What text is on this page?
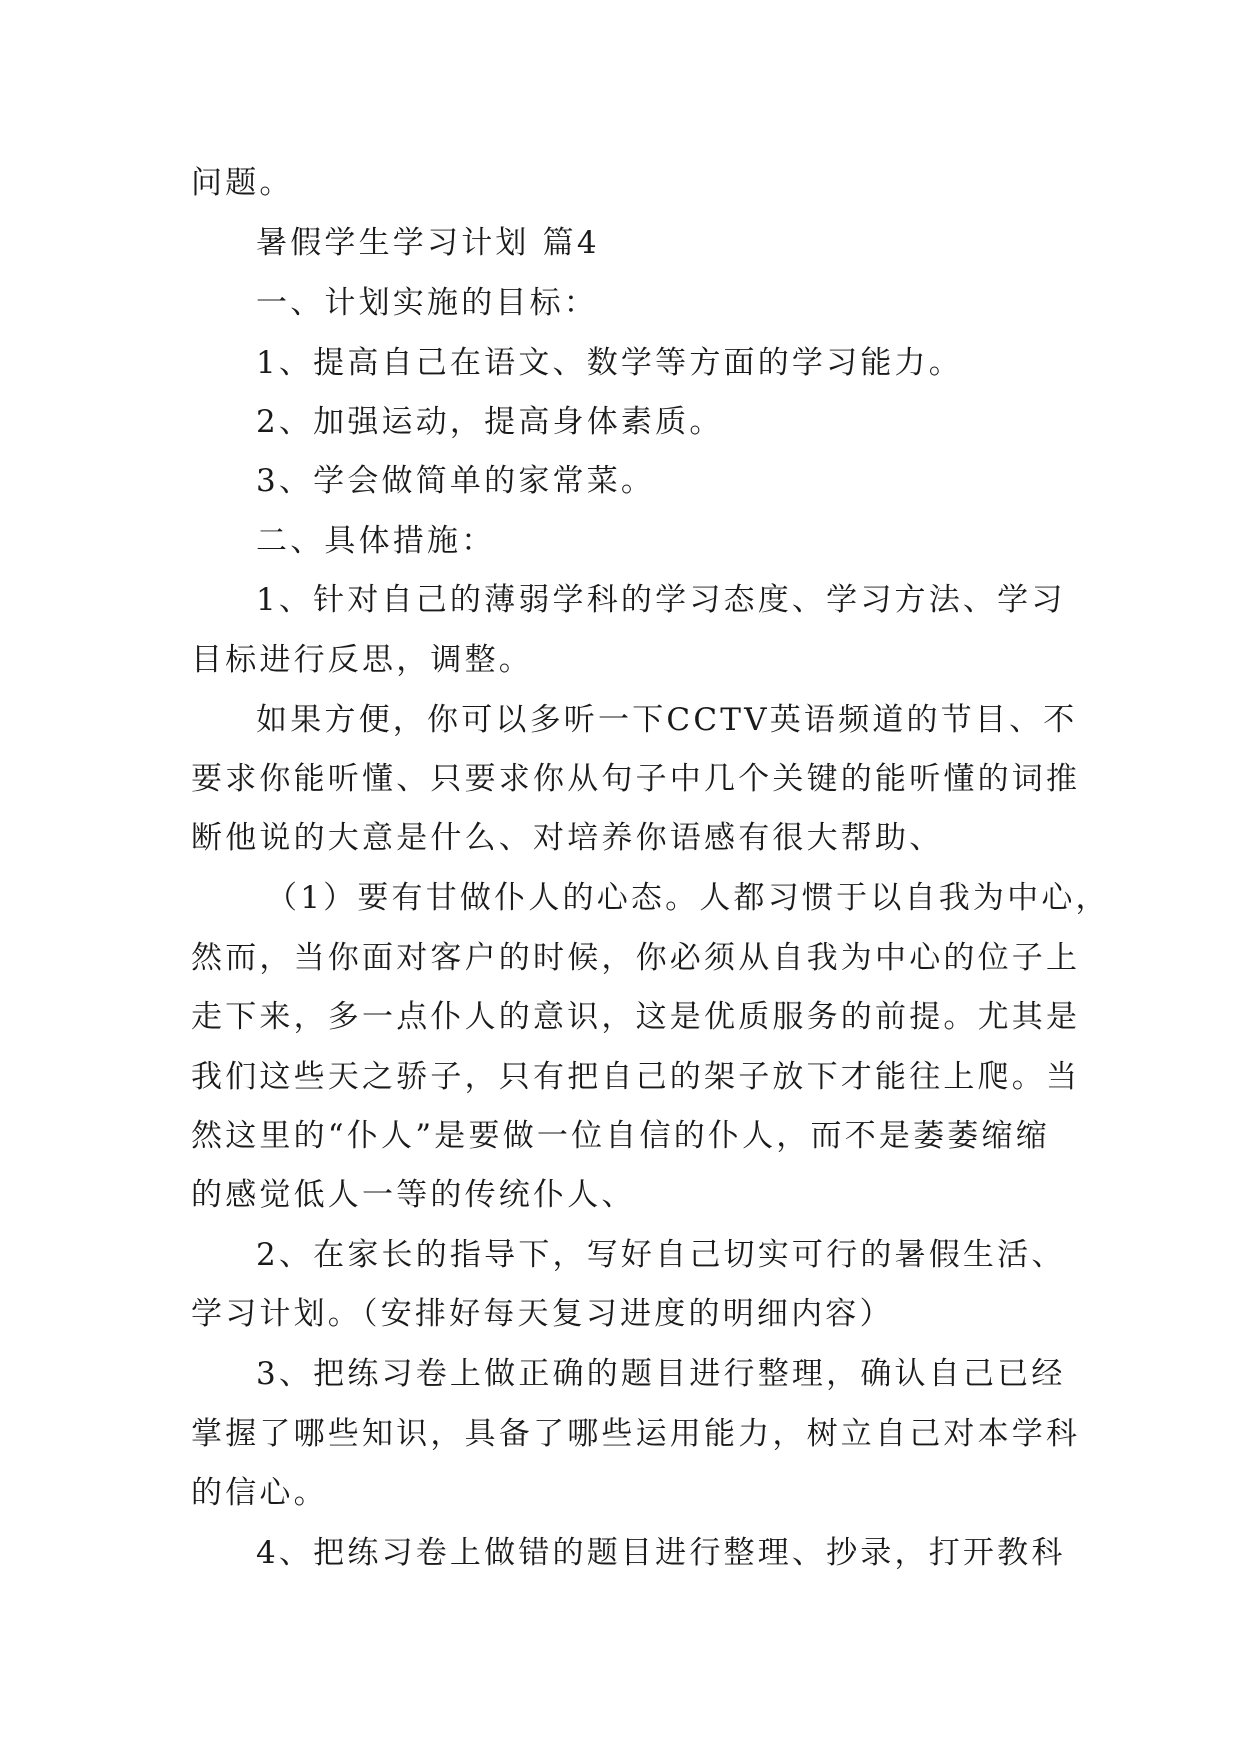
问题。
暑假学生学习计划 篇4
一、计划实施的目标：
1、提高自己在语文、数学等方面的学习能力。
2、加强运动，提高身体素质。
3、学会做简单的家常菜。
二、具体措施：
1、针对自己的薄弱学科的学习态度、学习方法、学习
目标进行反思，调整。
如果方便，你可以多听一下CCTV英语频道的节目、不
要求你能听懂、只要求你从句子中几个关键的能听懂的词推
断他说的大意是什么、对培养你语感有很大帮助、
（1）要有甘做仆人的心态。人都习惯于以自我为中心，
然而，当你面对客户的时候，你必须从自我为中心的位子上
走下来，多一点仆人的意识，这是优质服务的前提。尤其是
我们这些天之骄子，只有把自己的架子放下才能往上爬。当
然这里的“仆人”是要做一位自信的仆人，而不是萎萎缩缩
的感觉低人一等的传统仆人、
2、在家长的指导下，写好自己切实可行的暑假生活、
学习计划。（安排好每天复习进度的明细内容）
3、把练习卷上做正确的题目进行整理，确认自己已经
掌握了哪些知识，具备了哪些运用能力，树立自己对本学科
的信心。
4、把练习卷上做错的题目进行整理、抄录，打开教科
